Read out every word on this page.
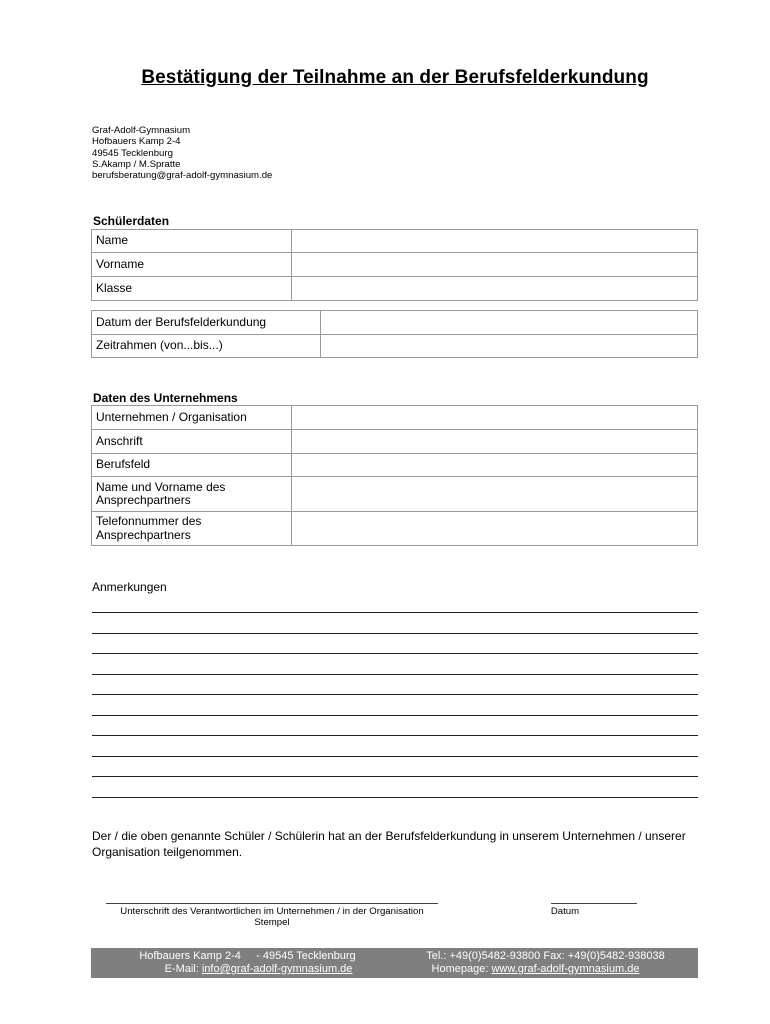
Bestätigung der Teilnahme an der Berufsfelderkundung
Graf-Adolf-Gymnasium
Hofbauers Kamp 2-4
49545 Tecklenburg
S.Akamp / M.Spratte
berufsberatung@graf-adolf-gymnasium.de
Schülerdaten
Name	
Vorname	
Klasse	
Datum der Berufsfelderkundung	
Zeitrahmen (von...bis...)	
Daten des Unternehmens
Unternehmen / Organisation	
Anschrift	
Berufsfeld	
Name und Vorname des Ansprechpartners	
Telefonnummer des Ansprechpartners	
Anmerkungen
Der / die oben genannte Schüler / Schülerin hat an der Berufsfelderkundung in unserem Unternehmen / unserer Organisation teilgenommen.
Unterschrift des Verantwortlichen im Unternehmen / in der Organisation
Stempel
Datum
Hofbauers Kamp 2-4     - 49545 Tecklenburg	Tel.: +49(0)5482-93800 Fax: +49(0)5482-938038
E-Mail: info@graf-adolf-gymnasium.de	Homepage: www.graf-adolf-gymnasium.de
